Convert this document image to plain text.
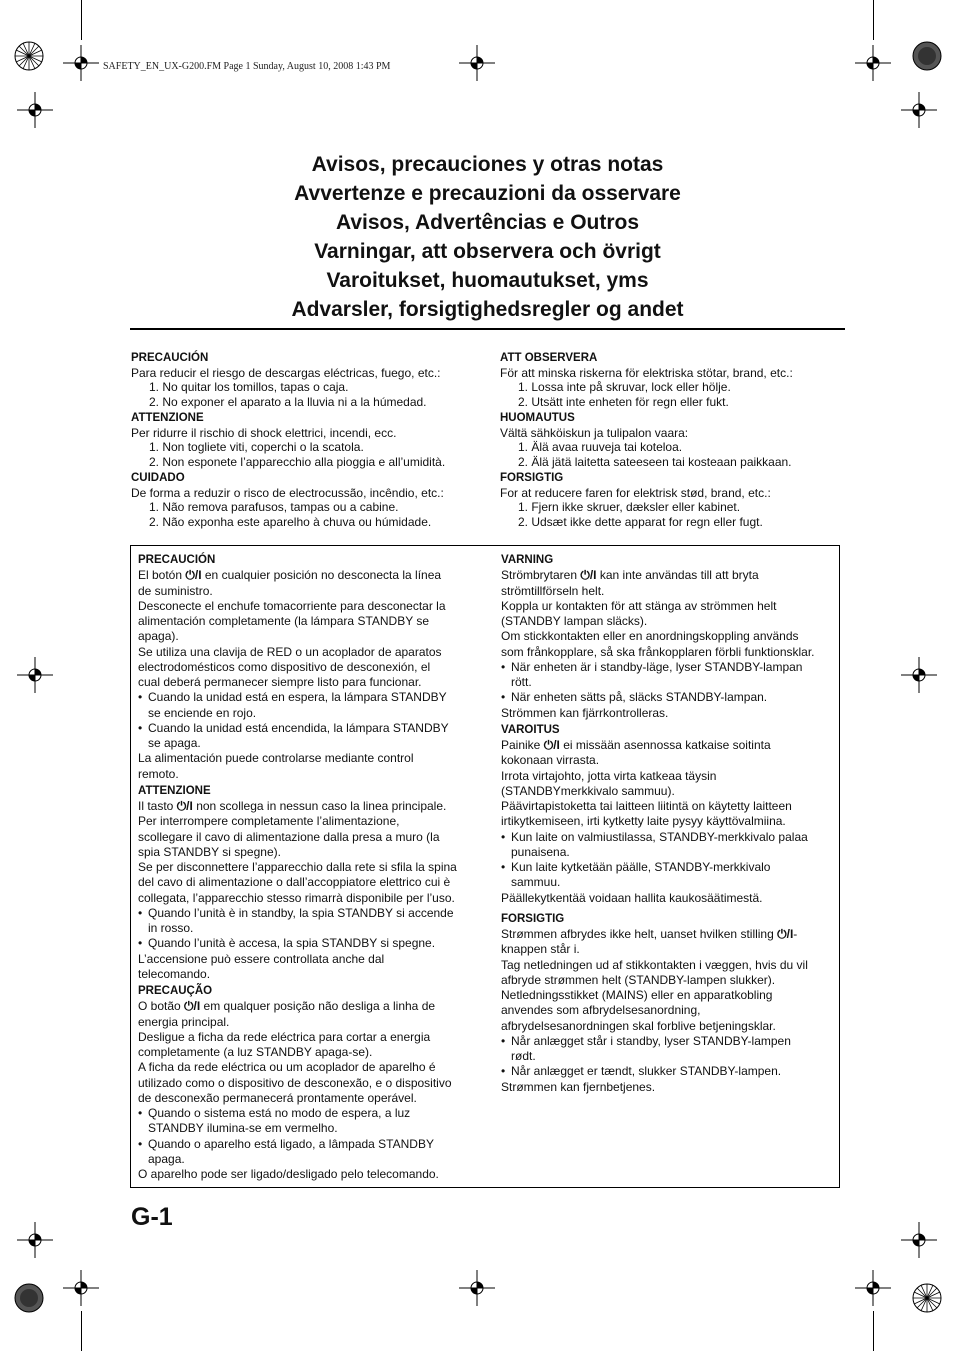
SAFETY_EN_UX-G200.FM Page 1 Sunday, August 10, 2008 1:43 PM
Avisos, precauciones y otras notas
Avvertenze e precauzioni da osservare
Avisos, Advertências e Outros
Varningar, att observera och övrigt
Varoitukset, huomautukset, yms
Advarsler, forsigtighedsregler og andet
PRECAUCIÓN
Para reducir el riesgo de descargas eléctricas, fuego, etc.:
1. No quitar los tomillos, tapas o caja.
2. No exponer el aparato a la lluvia ni a la húmedad.
ATTENZIONE
Per ridurre il rischio di shock elettrici, incendi, ecc.
1. Non togliete viti, coperchi o la scatola.
2. Non esponete l’apparecchio alla pioggia e all’umidità.
CUIDADO
De forma a reduzir o risco de electrocussão, incêndio, etc.:
1. Não remova parafusos, tampas ou a cabine.
2. Não exponha este aparelho à chuva ou húmidade.
ATT OBSERVERA
För att minska riskerna för elektriska stötar, brand, etc.:
1. Lossa inte på skruvar, lock eller hölje.
2. Utsätt inte enheten för regn eller fukt.
HUOMAUTUS
Vältä sähköiskun ja tulipalon vaara:
1. Älä avaa ruuveja tai koteloa.
2. Älä jätä laitetta sateeseen tai kosteaan paikkaan.
FORSIGTIG
For at reducere faren for elektrisk stød, brand, etc.:
1. Fjern ikke skruer, dæksler eller kabinet.
2. Udsæt ikke dette apparat for regn eller fugt.
PRECAUCIÓN
El botón ⏻/I en cualquier posición no desconecta la línea
de suministro.
Desconecte el enchufe tomacorriente para desconectar la
alimentación completamente (la lámpara STANDBY se
apaga).
Se utiliza una clavija de RED o un acoplador de aparatos
electrodomésticos como dispositivo de desconexión, el
cual deberá permanecer siempre listo para funcionar.
• Cuando la unidad está en espera, la lámpara STANDBY
se enciende en rojo.
• Cuando la unidad está encendida, la lámpara STANDBY
se apaga.
La alimentación puede controlarse mediante control
remoto.
ATTENZIONE
Il tasto ⏻/I non scollega in nessun caso la linea principale.
Per interrompere completamente l’alimentazione,
scollegare il cavo di alimentazione dalla presa a muro (la
spia STANDBY si spegne).
Se per disconnettere l’apparecchio dalla rete si sfila la spina
del cavo di alimentazione o dall’accoppiatore elettrico cui è
collegata, l’apparecchio stesso rimarrà disponibile per l’uso.
• Quando l’unità è in standby, la spia STANDBY si accende
in rosso.
• Quando l’unità è accesa, la spia STANDBY si spegne.
L’accensione può essere controllata anche dal
telecomando.
PRECAUÇÃO
O botão ⏻/I em qualquer posição não desliga a linha de
energia principal.
Desligue a ficha da rede eléctrica para cortar a energia
completamente (a luz STANDBY apaga-se).
A ficha da rede eléctrica ou um acoplador de aparelho é
utilizado como o dispositivo de desconexão, e o dispositivo
de desconexão permanecerá prontamente operável.
• Quando o sistema está no modo de espera, a luz
STANDBY ilumina-se em vermelho.
• Quando o aparelho está ligado, a lâmpada STANDBY
apaga.
O aparelho pode ser ligado/desligado pelo telecomando.
VARNING
Strömbrytaren ⏻/I kan inte användas till att bryta
strömtillförseln helt.
Koppla ur kontakten för att stänga av strömmen helt
(STANDBY lampan släcks).
Om stickkontakten eller en anordningskoppling används
som frånkopplare, så ska frånkopplaren förbli funktionsklar.
• När enheten är i standby-läge, lyser STANDBY-lampan
rött.
• När enheten sätts på, släcks STANDBY-lampan.
Strömmen kan fjärrkontrolleras.
VAROITUS
Painike ⏻/I ei missään asennossa katkaise soitinta
kokonaan virrasta.
Irrota virtajohto, jotta virta katkeaa täysin
(STANDBYmerkkivalo sammuu).
Päävirtapistoketta tai laitteen liitintä on käytetty laitteen
irtikytkemiseen, irti kytketty laite pysyy käyttövalmiina.
• Kun laite on valmiustilassa, STANDBY-merkkivalo palaa
punaisena.
• Kun laite kytketään päälle, STANDBY-merkkivalo
sammuu.
Päällekytkentää voidaan hallita kaukosäätimestä.
FORSIGTIG
Strømmen afbrydes ikke helt, uanset hvilken stilling ⏻/I-
knappen står i.
Tag netledningen ud af stikkontakten i væggen, hvis du vil
afbryde strømmen helt (STANDBY-lampen slukker).
Netledningsstikket (MAINS) eller en apparatkobling
anvendes som afbrydelsesanordning,
afbrydelsesanordningen skal forblive betjeningsklar.
• Når anlægget står i standby, lyser STANDBY-lampen
rødt.
• Når anlægget er tændt, slukker STANDBY-lampen.
Strømmen kan fjernbetjenes.
G-1
